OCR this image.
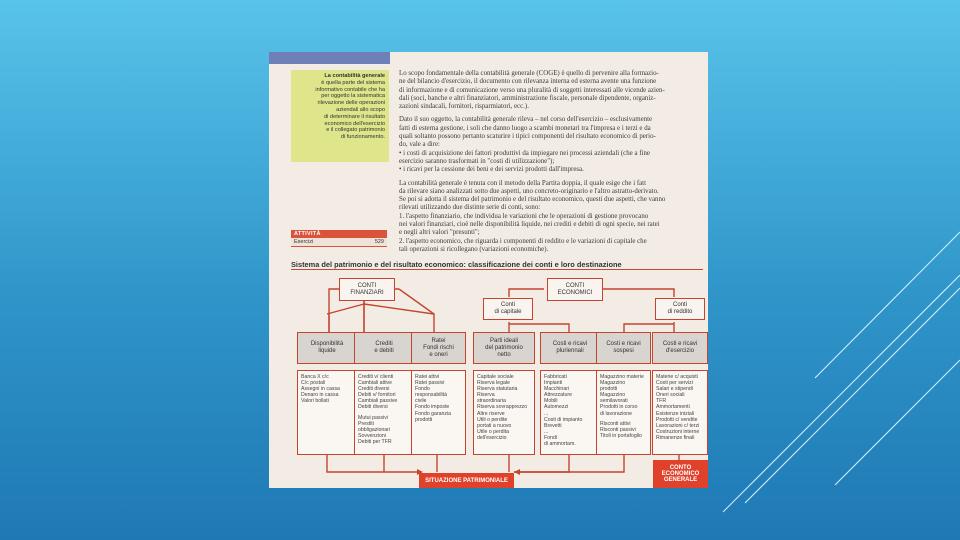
La contabilità generale
è quella parte del sistema
informativo contabile che ha
per oggetto la sistematica
rilevazione delle operazioni
aziendali allo scopo
di determinare il risultato
economico dell'esercizio
e il collegato patrimonio
di funzionamento.

Lo scopo fondamentale della contabilità generale (COGE) è quello di pervenire alla formazio-

ne del bilancio d'esercizio, il documento con rilevanza interna ed esterna avente una funzione

di informazione e di comunicazione verso una pluralità di soggetti interessati alle vicende azien-

dali (soci, banche e altri finanziatori, amministrazione fiscale, personale dipendente, organiz-

zazioni sindacali, fornitori, risparmiatori, ecc.).

Dato il suo oggetto, la contabilità generale rileva – nel corso dell'esercizio – esclusivamente

fatti di esterna gestione, i soli che danno luogo a scambi monetari tra l'impresa e i terzi e da

quali soltanto possono pertanto scaturire i tipici componenti del risultato economico di perio-

do, vale a dire:

• i costi di acquisizione dei fattori produttivi da impiegare nei processi aziendali (che a fine

esercizio saranno trasformati in "costi di utilizzazione");

• i ricavi per la cessione dei beni e dei servizi prodotti dall'impresa.

La contabilità generale è tenuta con il metodo della Partita doppia, il quale esige che i fatt

da rilevare siano analizzati sotto due aspetti, uno concreto-originario e l'altro astratto-derivato.

Se poi si adotta il sistema del patrimonio e del risultato economico, questi due aspetti, che vanno

rilevati utilizzando due distinte serie di conti, sono:

1. l'aspetto finanziario, che individua le variazioni che le operazioni di gestione provocano

nei valori finanziari, cioè nelle disponibilità liquide, nei crediti e debiti di ogni specie, nei ratei

e negli altri valori "presunti";

2. l'aspetto economico, che riguarda i componenti di reddito e le variazioni di capitale che

tali operazioni si ricollegano (variazioni economiche).

ATTIVITÀ
Esercizi	529
Sistema del patrimonio e del risultato economico: classificazione dei conti e loro destinazione
CONTI
FINANZIARI
CONTI
ECONOMICI
Conti
di capitale
Conti
di reddito
Disponibilità
liquide
Crediti
e debiti
Ratei
Fondi rischi
e oneri
Parti ideali
del patrimonio
netto
Costi e ricavi
pluriennali
Costi e ricavi
sospesi
Costi e ricavi
d'esercizio
Banca X c/c
C/c postali
Assegni in cassa
Denaro in cassa
Valori bollati
Crediti v/ clienti
Cambiali attive
Crediti diversi
Debiti v/ fornitori
Cambiali passive
Debiti diversi
Mutui passivi
Prestiti
obbligazionari
Sovvenzioni
Debiti per TFR
Ratei attivi
Ratei passivi
Fondo
responsabilità
civile
Fondo imposte
Fondo garanzia
prodotti
Capitale sociale
Riserva legale
Riserva statutaria
Riserva
straordinaria
Riserva sovrapprezzo
Altre riserve
Utili o perdite
portati a nuovo
Utile o perdita
dell'esercizio
Fabbricati
Impianti
Macchinari
Attrezzature
Mobili
Automezzi
...
Costi di impianto
Brevetti
...
Fondi
di ammortam.
Magazzino materie
Magazzino
prodotti
Magazzino
semilavorati
Prodotti in corso
di lavorazione
Risconti attivi
Risconti passivi
Titoli in portafoglio
Materie c/ acquisti
Costi per servizi
Salari e stipendi
Oneri sociali
TFR
Ammortamenti
Esistenze iniziali
Prodotti c/ vendite
Lavorazioni c/ terzi
Costruzioni interne
Rimanenze finali
SITUAZIONE PATRIMONIALE
CONTO
ECONOMICO
GENERALE
